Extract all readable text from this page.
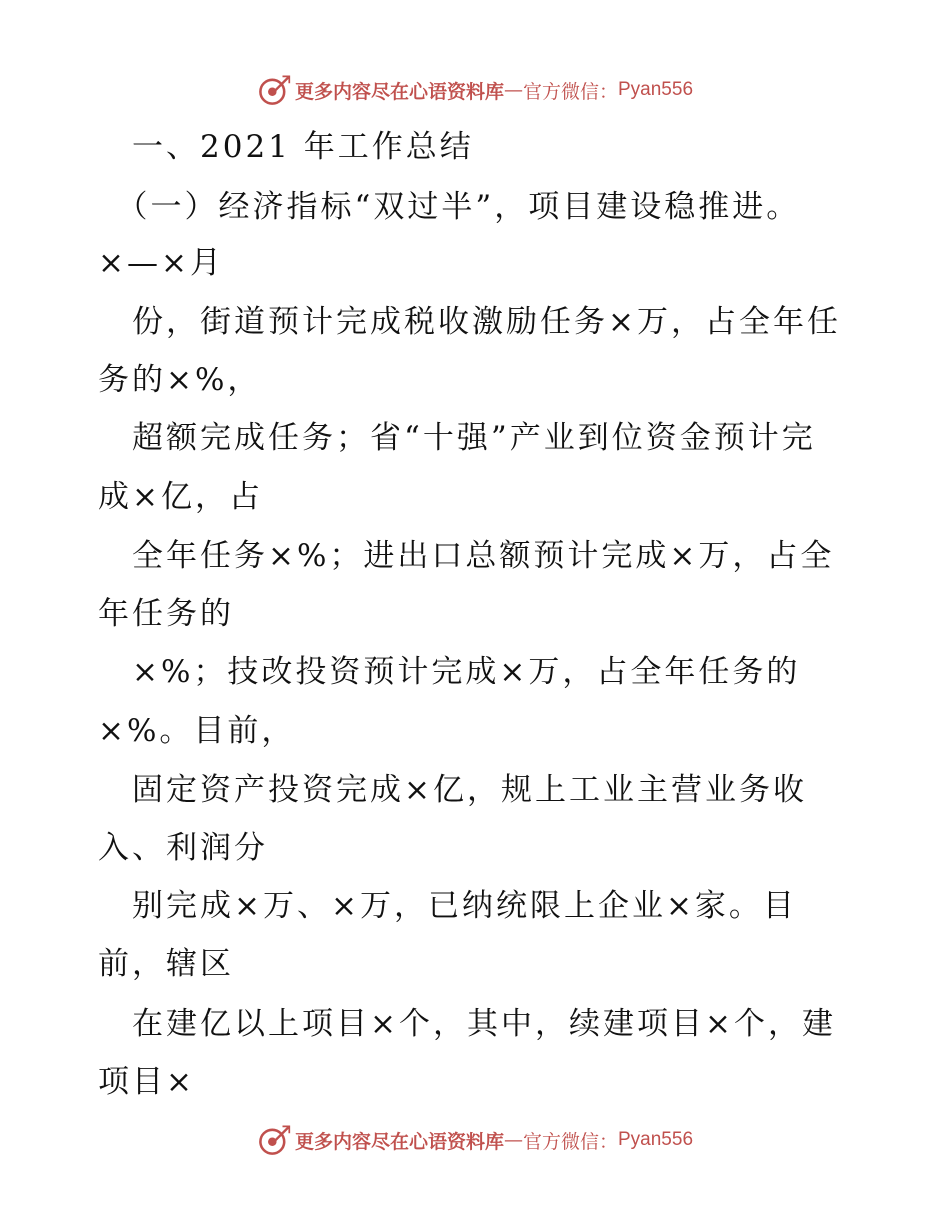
更多内容尽在心语资料库 — 官方微信： Pyan556
　一、2021 年工作总结
　（一）经济指标“双过半”，项目建设稳推进。
×—×月
　份，街道预计完成税收激励任务×万，占全年任
务的×%，
　超额完成任务；省“十强”产业到位资金预计完
成×亿，占
　全年任务×%；进出口总额预计完成×万，占全
年任务的
　×%；技改投资预计完成×万，占全年任务的
×%。目前，
　固定资产投资完成×亿，规上工业主营业务收
入、利润分
　别完成×万、×万，已纳统限上企业×家。目
前，辖区
　在建亿以上项目×个，其中，续建项目×个，建
项目×
更多内容尽在心语资料库 — 官方微信： Pyan556
